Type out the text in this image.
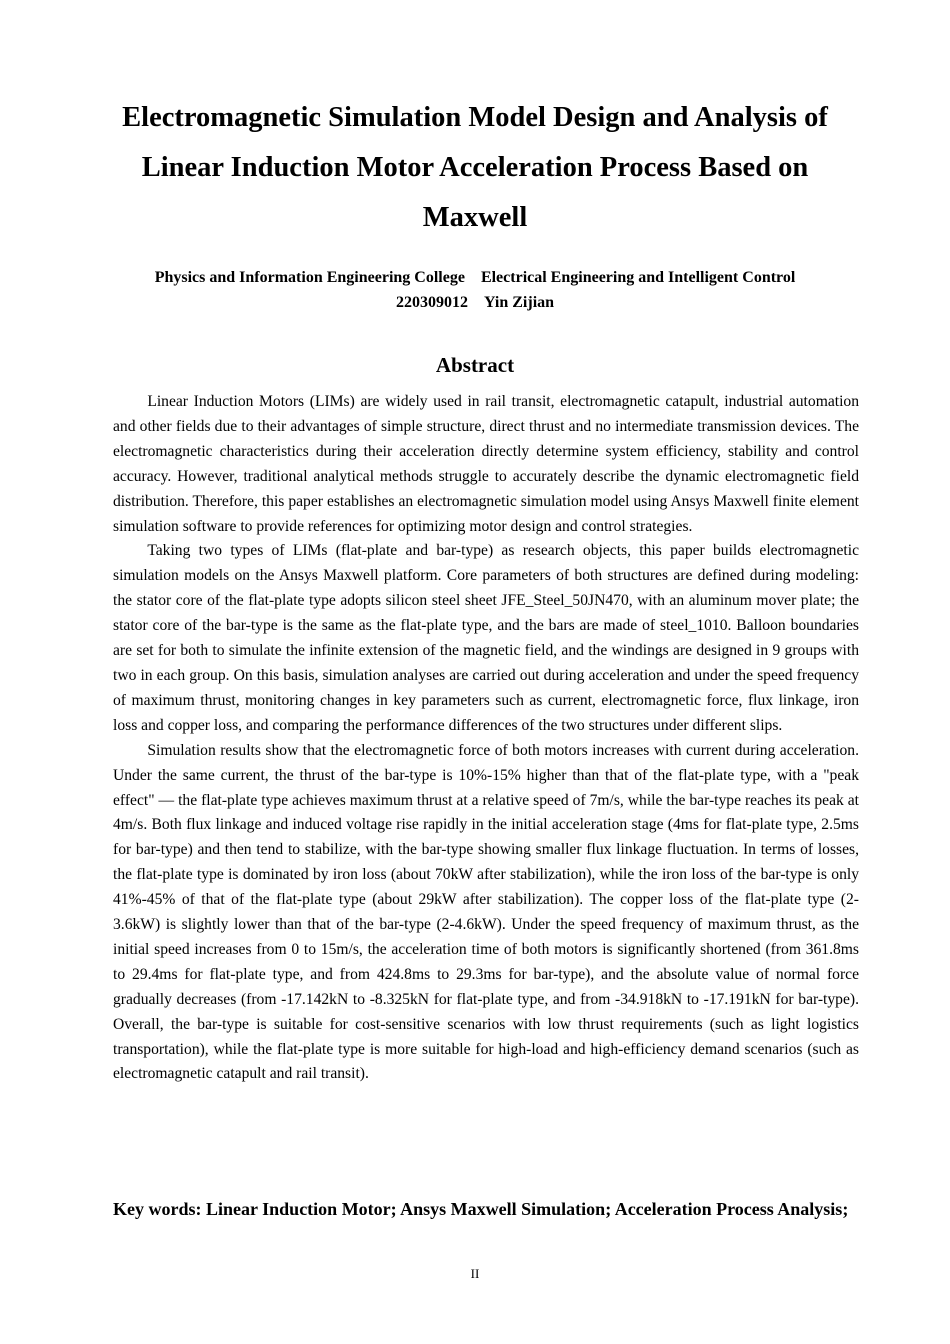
Electromagnetic Simulation Model Design and Analysis of
Linear Induction Motor Acceleration Process Based on
Maxwell
Physics and Information Engineering College Electrical Engineering and Intelligent Control
220309012 Yin Zijian
Abstract

Linear Induction Motors (LIMs) are widely used in rail transit, electromagnetic catapult, industrial automation and other fields due to their advantages of simple structure, direct thrust and no intermediate transmission devices. The electromagnetic characteristics during their acceleration directly determine system efficiency, stability and control accuracy. However, traditional analytical methods struggle to accurately describe the dynamic electromagnetic field distribution. Therefore, this paper establishes an electromagnetic simulation model using Ansys Maxwell finite element simulation software to provide references for optimizing motor design and control strategies.

Taking two types of LIMs (flat-plate and bar-type) as research objects, this paper builds electromagnetic simulation models on the Ansys Maxwell platform. Core parameters of both structures are defined during modeling: the stator core of the flat-plate type adopts silicon steel sheet JFE_Steel_50JN470, with an aluminum mover plate; the stator core of the bar-type is the same as the flat-plate type, and the bars are made of steel_1010. Balloon boundaries are set for both to simulate the infinite extension of the magnetic field, and the windings are designed in 9 groups with two in each group. On this basis, simulation analyses are carried out during acceleration and under the speed frequency of maximum thrust, monitoring changes in key parameters such as current, electromagnetic force, flux linkage, iron loss and copper loss, and comparing the performance differences of the two structures under different slips.

Simulation results show that the electromagnetic force of both motors increases with current during acceleration. Under the same current, the thrust of the bar-type is 10%-15% higher than that of the flat-plate type, with a "peak effect" — the flat-plate type achieves maximum thrust at a relative speed of 7m/s, while the bar-type reaches its peak at 4m/s. Both flux linkage and induced voltage rise rapidly in the initial acceleration stage (4ms for flat-plate type, 2.5ms for bar-type) and then tend to stabilize, with the bar-type showing smaller flux linkage fluctuation. In terms of losses, the flat-plate type is dominated by iron loss (about 70kW after stabilization), while the iron loss of the bar-type is only 41%-45% of that of the flat-plate type (about 29kW after stabilization). The copper loss of the flat-plate type (2-3.6kW) is slightly lower than that of the bar-type (2-4.6kW). Under the speed frequency of maximum thrust, as the initial speed increases from 0 to 15m/s, the acceleration time of both motors is significantly shortened (from 361.8ms to 29.4ms for flat-plate type, and from 424.8ms to 29.3ms for bar-type), and the absolute value of normal force gradually decreases (from -17.142kN to -8.325kN for flat-plate type, and from -34.918kN to -17.191kN for bar-type). Overall, the bar-type is suitable for cost-sensitive scenarios with low thrust requirements (such as light logistics transportation), while the flat-plate type is more suitable for high-load and high-efficiency demand scenarios (such as electromagnetic catapult and rail transit).

Key words: Linear Induction Motor; Ansys Maxwell Simulation; Acceleration Process Analysis;

II
